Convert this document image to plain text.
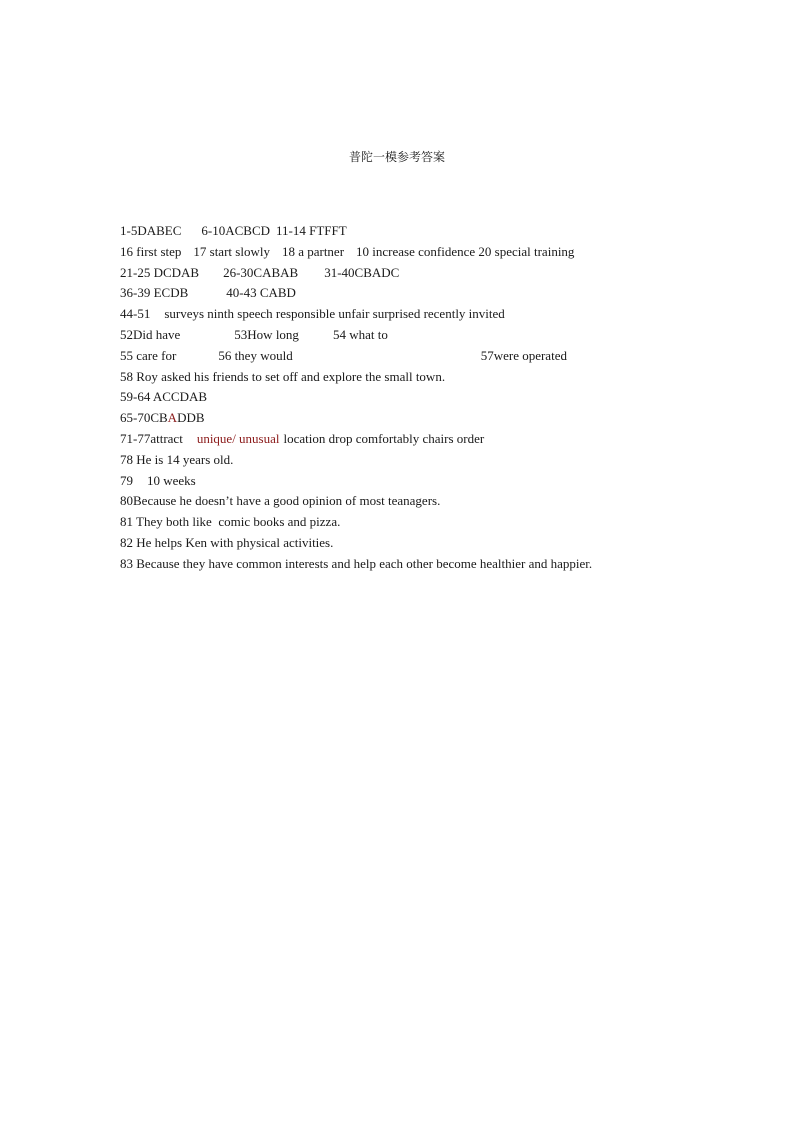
普陀一模参考答案
1-5DABEC 6-10ACBCD 11-14 FTFFT
16 first step 17 start slowly 18 a partner 10 increase confidence 20 special training
21-25 DCDAB 26-30CABAB 31-40CBADC
36-39 ECDB	40-43 CABD
44-51 surveys ninth speech responsible unfair surprised recently invited
52Did have	53How long	54 what to
55 care for	56 they would	57were operated
58 Roy asked his friends to set off and explore the small town.
59-64 ACCDAB
65-70CBADDB
71-77attract unique/ unusual location drop comfortably chairs order
78 He is 14 years old.
79 10 weeks
80Because he doesn’t have a good opinion of most teanagers.
81 They both like  comic books and pizza.
82 He helps Ken with physical activities.
83 Because they have common interests and help each other become healthier and happier.
